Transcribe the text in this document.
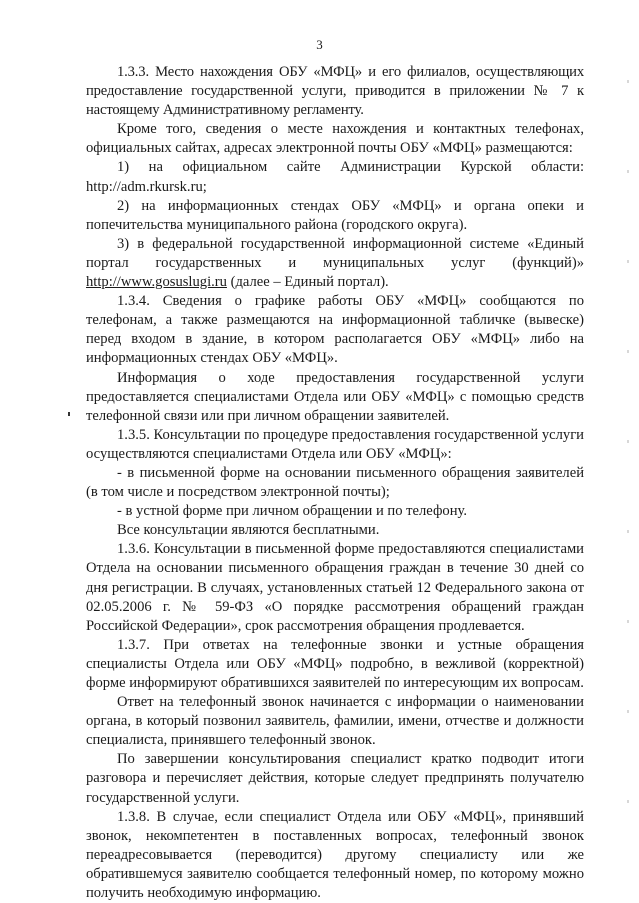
3

1.3.3. Место нахождения ОБУ «МФЦ» и его филиалов, осуществляющих предоставление государственной услуги, приводится в приложении № 7 к настоящему Административному регламенту.

Кроме того, сведения о месте нахождения и контактных телефонах, официальных сайтах, адресах электронной почты ОБУ «МФЦ» размещаются:

1) на официальном сайте Администрации Курской области: http://adm.rkursk.ru;

2) на информационных стендах ОБУ «МФЦ» и органа опеки и попечительства муниципального района (городского округа).

3) в федеральной государственной информационной системе «Единый портал государственных и муниципальных услуг (функций)» http://www.gosuslugi.ru (далее – Единый портал).

1.3.4. Сведения о графике работы ОБУ «МФЦ» сообщаются по телефонам, а также размещаются на информационной табличке (вывеске) перед входом в здание, в котором располагается ОБУ «МФЦ» либо на информационных стендах ОБУ «МФЦ».

Информация о ходе предоставления государственной услуги предоставляется специалистами Отдела или ОБУ «МФЦ» с помощью средств телефонной связи или при личном обращении заявителей.

1.3.5. Консультации по процедуре предоставления государственной услуги осуществляются специалистами Отдела или ОБУ «МФЦ»:

- в письменной форме на основании письменного обращения заявителей (в том числе и посредством электронной почты);

- в устной форме при личном обращении и по телефону.

Все консультации являются бесплатными.

1.3.6. Консультации в письменной форме предоставляются специалистами Отдела на основании письменного обращения граждан в течение 30 дней со дня регистрации. В случаях, установленных статьей 12 Федерального закона от 02.05.2006 г. № 59-ФЗ «О порядке рассмотрения обращений граждан Российской Федерации», срок рассмотрения обращения продлевается.

1.3.7. При ответах на телефонные звонки и устные обращения специалисты Отдела или ОБУ «МФЦ» подробно, в вежливой (корректной) форме информируют обратившихся заявителей по интересующим их вопросам.

Ответ на телефонный звонок начинается с информации о наименовании органа, в который позвонил заявитель, фамилии, имени, отчестве и должности специалиста, принявшего телефонный звонок.

По завершении консультирования специалист кратко подводит итоги разговора и перечисляет действия, которые следует предпринять получателю государственной услуги.

1.3.8. В случае, если специалист Отдела или ОБУ «МФЦ», принявший звонок, некомпетентен в поставленных вопросах, телефонный звонок переадресовывается (переводится) другому специалисту или же обратившемуся заявителю сообщается телефонный номер, по которому можно получить необходимую информацию.
